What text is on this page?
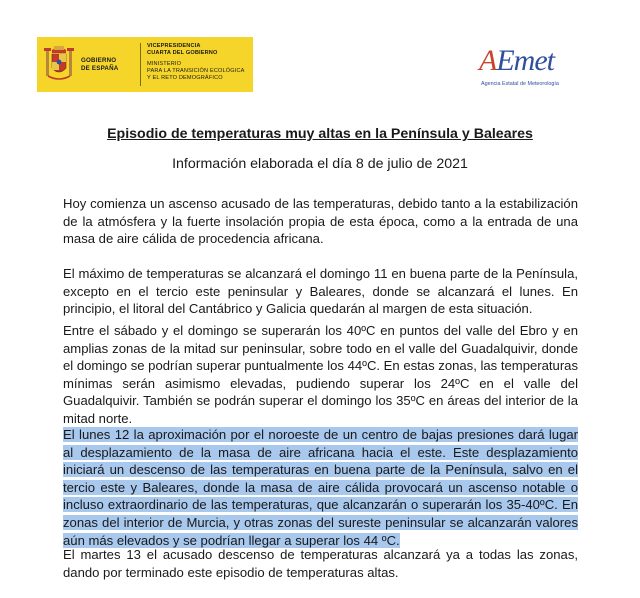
GOBIERNO
DE ESPAÑA
VICEPRESIDENCIA
CUARTA DEL GOBIERNO
MINISTERIO
PARA LA TRANSICIÓN ECOLÓGICA
Y EL RETO DEMOGRÁFICO
AEmet
Agencia Estatal de Meteorología
Episodio de temperaturas muy altas en la Península y Baleares
Información elaborada el día 8 de julio de 2021

Hoy comienza un ascenso acusado de las temperaturas, debido tanto a la estabilización de la atmósfera y la fuerte insolación propia de esta época, como a la entrada de una masa de aire cálida de procedencia africana.

El máximo de temperaturas se alcanzará el domingo 11 en buena parte de la Península, excepto en el tercio este peninsular y Baleares, donde se alcanzará el lunes. En principio, el litoral del Cantábrico y Galicia quedarán al margen de esta situación.

Entre el sábado y el domingo se superarán los 40ºC en puntos del valle del Ebro y en amplias zonas de la mitad sur peninsular, sobre todo en el valle del Guadalquivir, donde el domingo se podrían superar puntualmente los 44ºC. En estas zonas, las temperaturas mínimas serán asimismo elevadas, pudiendo superar los 24ºC en el valle del Guadalquivir. También se podrán superar el domingo los 35ºC en áreas del interior de la mitad norte.

El lunes 12 la aproximación por el noroeste de un centro de bajas presiones dará lugar al desplazamiento de la masa de aire africana hacia el este. Este desplazamiento iniciará un descenso de las temperaturas en buena parte de la Península, salvo en el tercio este y Baleares, donde la masa de aire cálida provocará un ascenso notable o incluso extraordinario de las temperaturas, que alcanzarán o superarán los 35-40ºC. En zonas del interior de Murcia, y otras zonas del sureste peninsular se alcanzarán valores aún más elevados y se podrían llegar a superar los 44 ºC.

El martes 13 el acusado descenso de temperaturas alcanzará ya a todas las zonas, dando por terminado este episodio de temperaturas altas.
